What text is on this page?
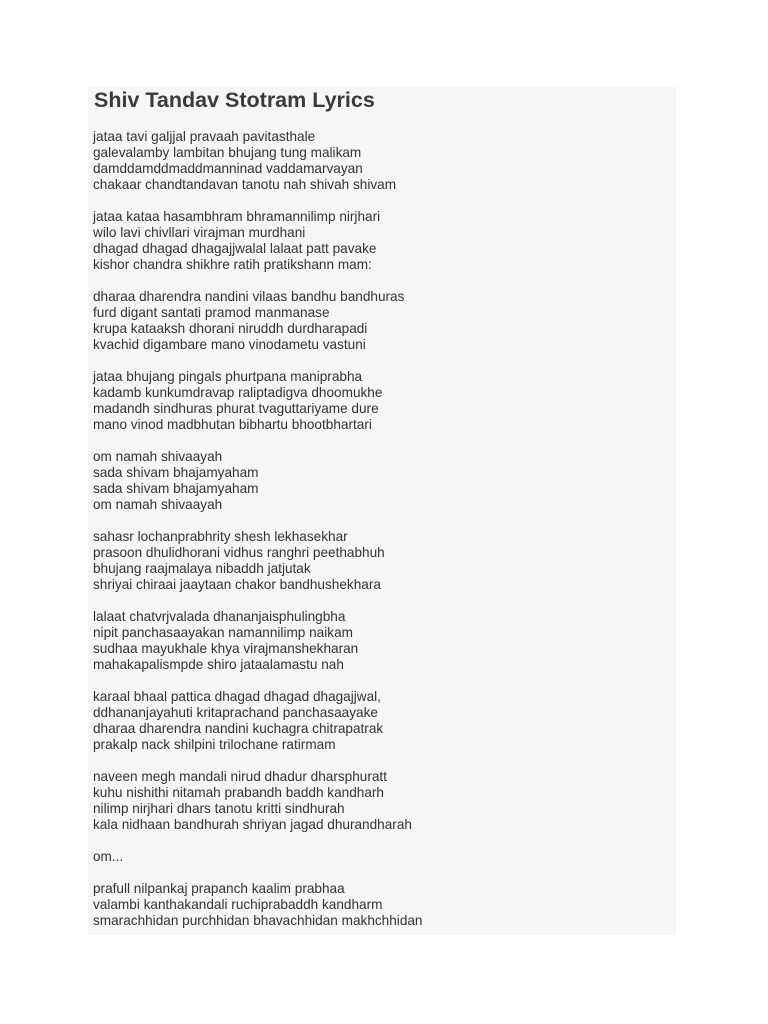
Shiv Tandav Stotram Lyrics
jataa tavi galjjal pravaah pavitasthale
galevalamby lambitan bhujang tung malikam
damddamddmaddmanninad vaddamarvayan
chakaar chandtandavan tanotu nah shivah shivam
jataa kataa hasambhram bhramannilimp nirjhari
wilo lavi chivllari virajman murdhani
dhagad dhagad dhagajjwalal lalaat patt pavake
kishor chandra shikhre ratih pratikshann mam:
dharaa dharendra nandini vilaas bandhu bandhuras
furd digant santati pramod manmanase
krupa kataaksh dhorani niruddh durdharapadi
kvachid digambare mano vinodametu vastuni
jataa bhujang pingals phurtpana maniprabha
kadamb kunkumdravap raliptadigva dhoomukhe
madandh sindhuras phurat tvaguttariyame dure
mano vinod madbhutan bibhartu bhootbhartari
om namah shivaayah
sada shivam bhajamyaham
sada shivam bhajamyaham
om namah shivaayah
sahasr lochanprabhrity shesh lekhasekhar
prasoon dhulidhorani vidhus ranghri peethabhuh
bhujang raajmalaya nibaddh jatjutak
shriyai chiraai jaaytaan chakor bandhushekhara
lalaat chatvrjvalada dhananjaisphulingbha
nipit panchasaayakan namannilimp naikam
sudhaa mayukhale khya virajmanshekharan
mahakapalismpde shiro jataalamastu nah
karaal bhaal pattica dhagad dhagad dhagajjwal,
ddhananjayahuti kritaprachand panchasaayake
dharaa dharendra nandini kuchagra chitrapatrak
prakalp nack shilpini trilochane ratirmam
naveen megh mandali nirud dhadur dharsphuratt
kuhu nishithi nitamah prabandh baddh kandharh
nilimp nirjhari dhars tanotu kritti sindhurah
kala nidhaan bandhurah shriyan jagad dhurandharah
om...
prafull nilpankaj prapanch kaalim prabhaa
valambi kanthakandali ruchiprabaddh kandharm
smarachhidan purchhidan bhavachhidan makhchhidan
